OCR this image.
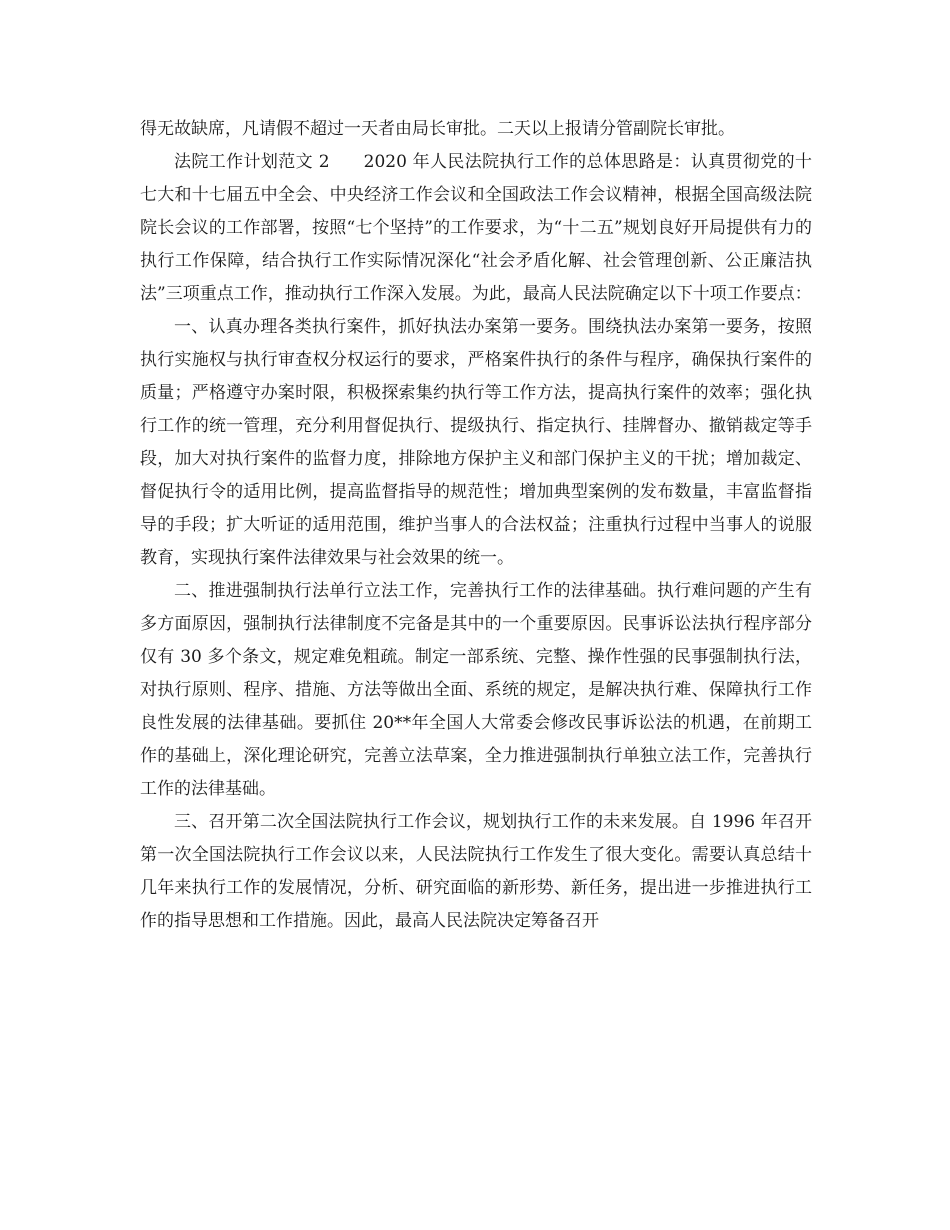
得无故缺席，凡请假不超过一天者由局长审批。二天以上报请分管副院长审批。

法院工作计划范文 2 2020 年人民法院执行工作的总体思路是：认真贯彻党的十七大和十七届五中全会、中央经济工作会议和全国政法工作会议精神，根据全国高级法院院长会议的工作部署，按照“七个坚持”的工作要求，为“十二五”规划良好开局提供有力的执行工作保障，结合执行工作实际情况深化“社会矛盾化解、社会管理创新、公正廉洁执法”三项重点工作，推动执行工作深入发展。为此，最高人民法院确定以下十项工作要点：

一、认真办理各类执行案件，抓好执法办案第一要务。围绕执法办案第一要务，按照执行实施权与执行审查权分权运行的要求，严格案件执行的条件与程序，确保执行案件的质量；严格遵守办案时限，积极探索集约执行等工作方法，提高执行案件的效率；强化执行工作的统一管理，充分利用督促执行、提级执行、指定执行、挂牌督办、撤销裁定等手段，加大对执行案件的监督力度，排除地方保护主义和部门保护主义的干扰；增加裁定、督促执行令的适用比例，提高监督指导的规范性；增加典型案例的发布数量，丰富监督指导的手段；扩大听证的适用范围，维护当事人的合法权益；注重执行过程中当事人的说服教育，实现执行案件法律效果与社会效果的统一。

二、推进强制执行法单行立法工作，完善执行工作的法律基础。执行难问题的产生有多方面原因，强制执行法律制度不完备是其中的一个重要原因。民事诉讼法执行程序部分仅有 30 多个条文，规定难免粗疏。制定一部系统、完整、操作性强的民事强制执行法，对执行原则、程序、措施、方法等做出全面、系统的规定，是解决执行难、保障执行工作良性发展的法律基础。要抓住 20**年全国人大常委会修改民事诉讼法的机遇，在前期工作的基础上，深化理论研究，完善立法草案，全力推进强制执行单独立法工作，完善执行工作的法律基础。

三、召开第二次全国法院执行工作会议，规划执行工作的未来发展。自 1996 年召开第一次全国法院执行工作会议以来，人民法院执行工作发生了很大变化。需要认真总结十几年来执行工作的发展情况，分析、研究面临的新形势、新任务，提出进一步推进执行工作的指导思想和工作措施。因此，最高人民法院决定筹备召开
